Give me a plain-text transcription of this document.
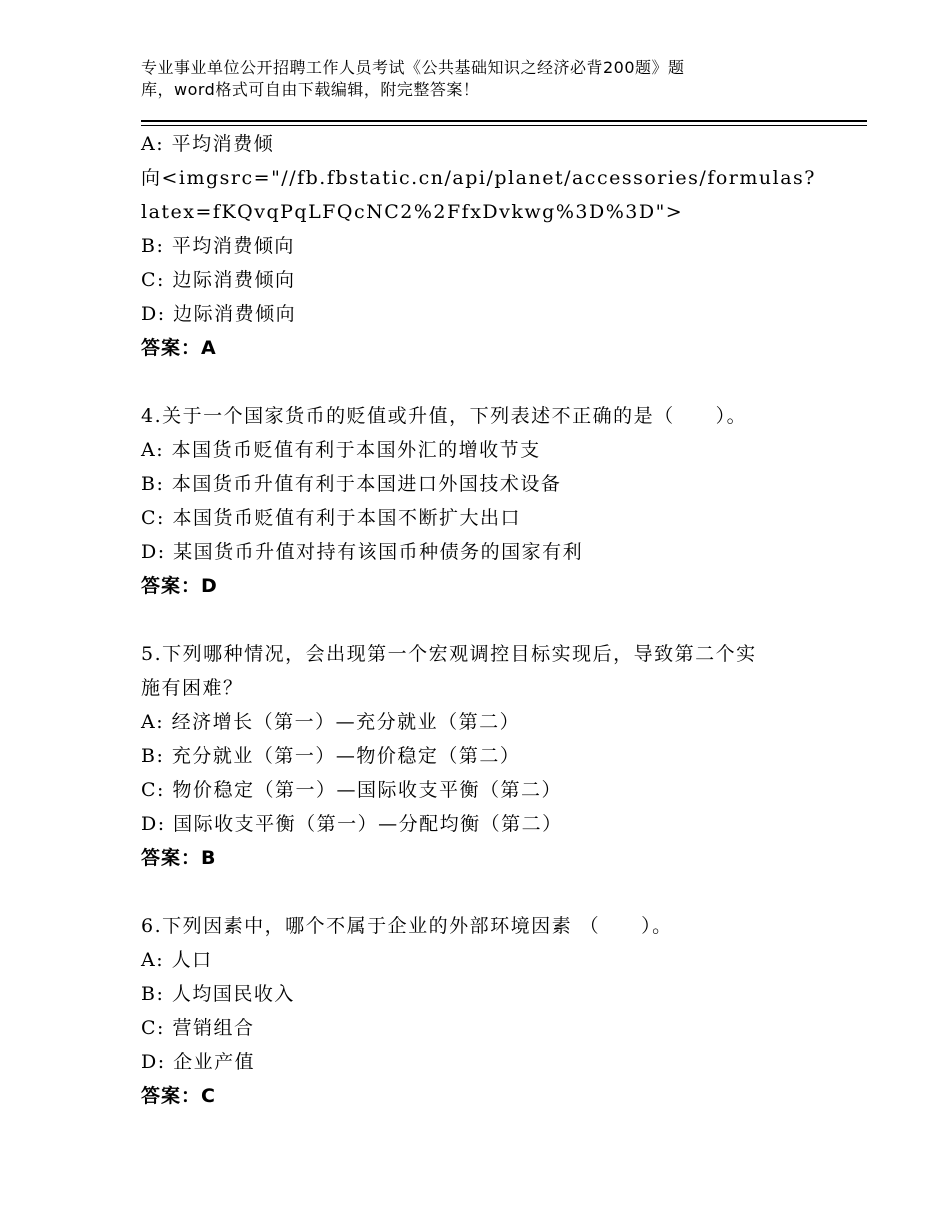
专业事业单位公开招聘工作人员考试《公共基础知识之经济必背200题》题
库，word格式可自由下载编辑，附完整答案！
A: 平均消费倾
向<imgsrc="//fb.fbstatic.cn/api/planet/accessories/formulas?
latex=fKQvqPqLFQcNC2%2FfxDvkwg%3D%3D">
B: 平均消费倾向
C: 边际消费倾向
D: 边际消费倾向
答案：A
4.关于一个国家货币的贬值或升值，下列表述不正确的是（　　）。
A: 本国货币贬值有利于本国外汇的增收节支
B: 本国货币升值有利于本国进口外国技术设备
C: 本国货币贬值有利于本国不断扩大出口
D: 某国货币升值对持有该国币种债务的国家有利
答案：D
5.下列哪种情况，会出现第一个宏观调控目标实现后，导致第二个实
施有困难？
A: 经济增长（第一）—充分就业（第二）
B: 充分就业（第一）—物价稳定（第二）
C: 物价稳定（第一）—国际收支平衡（第二）
D: 国际收支平衡（第一）—分配均衡（第二）
答案：B
6.下列因素中，哪个不属于企业的外部环境因素 （　　）。
A: 人口
B: 人均国民收入
C: 营销组合
D: 企业产值
答案：C
